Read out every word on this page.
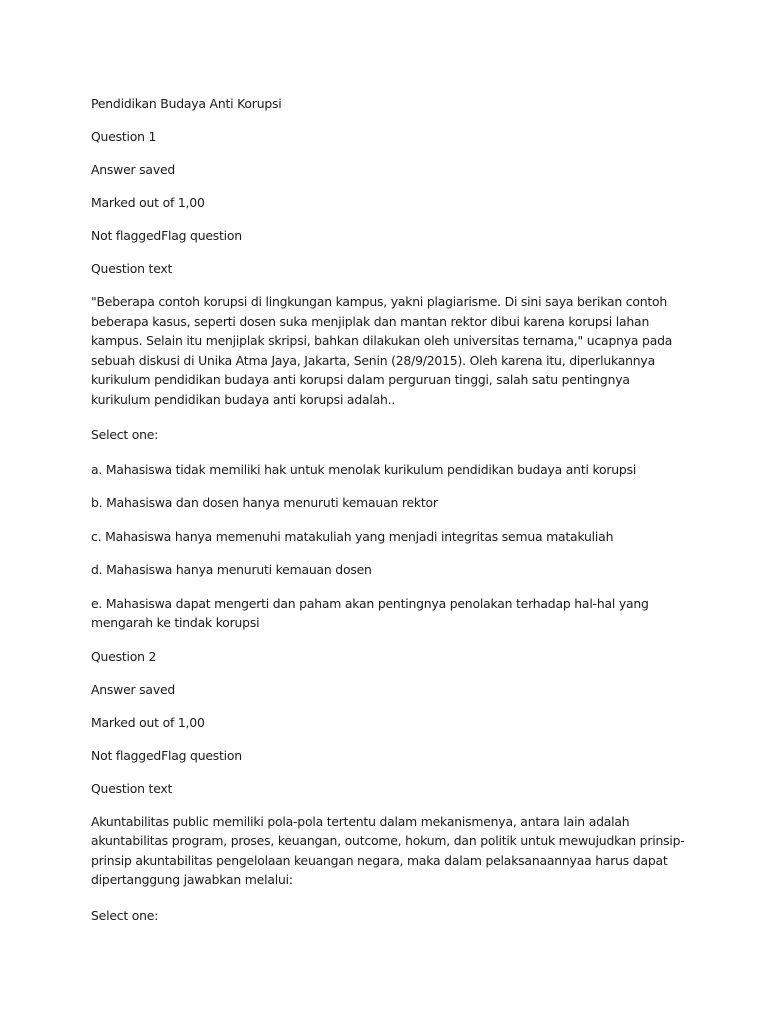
Pendidikan Budaya Anti Korupsi

Question 1

Answer saved

Marked out of 1,00

Not flaggedFlag question

Question text

"Beberapa contoh korupsi di lingkungan kampus, yakni plagiarisme. Di sini saya berikan contoh beberapa kasus, seperti dosen suka menjiplak dan mantan rektor dibui karena korupsi lahan kampus. Selain itu menjiplak skripsi, bahkan dilakukan oleh universitas ternama," ucapnya pada sebuah diskusi di Unika Atma Jaya, Jakarta, Senin (28/9/2015). Oleh karena itu, diperlukannya kurikulum pendidikan budaya anti korupsi dalam perguruan tinggi, salah satu pentingnya kurikulum pendidikan budaya anti korupsi adalah..

Select one:

a. Mahasiswa tidak memiliki hak untuk menolak kurikulum pendidikan budaya anti korupsi

b. Mahasiswa dan dosen hanya menuruti kemauan rektor

c. Mahasiswa hanya memenuhi matakuliah yang menjadi integritas semua matakuliah

d. Mahasiswa hanya menuruti kemauan dosen

e. Mahasiswa dapat mengerti dan paham akan pentingnya penolakan terhadap hal-hal yang mengarah ke tindak korupsi

Question 2

Answer saved

Marked out of 1,00

Not flaggedFlag question

Question text

Akuntabilitas public memiliki pola-pola tertentu dalam mekanismenya, antara lain adalah akuntabilitas program, proses, keuangan, outcome, hokum, dan politik untuk mewujudkan prinsip-prinsip akuntabilitas pengelolaan keuangan negara, maka dalam pelaksanaannyaa harus dapat dipertanggung jawabkan melalui:

Select one:
